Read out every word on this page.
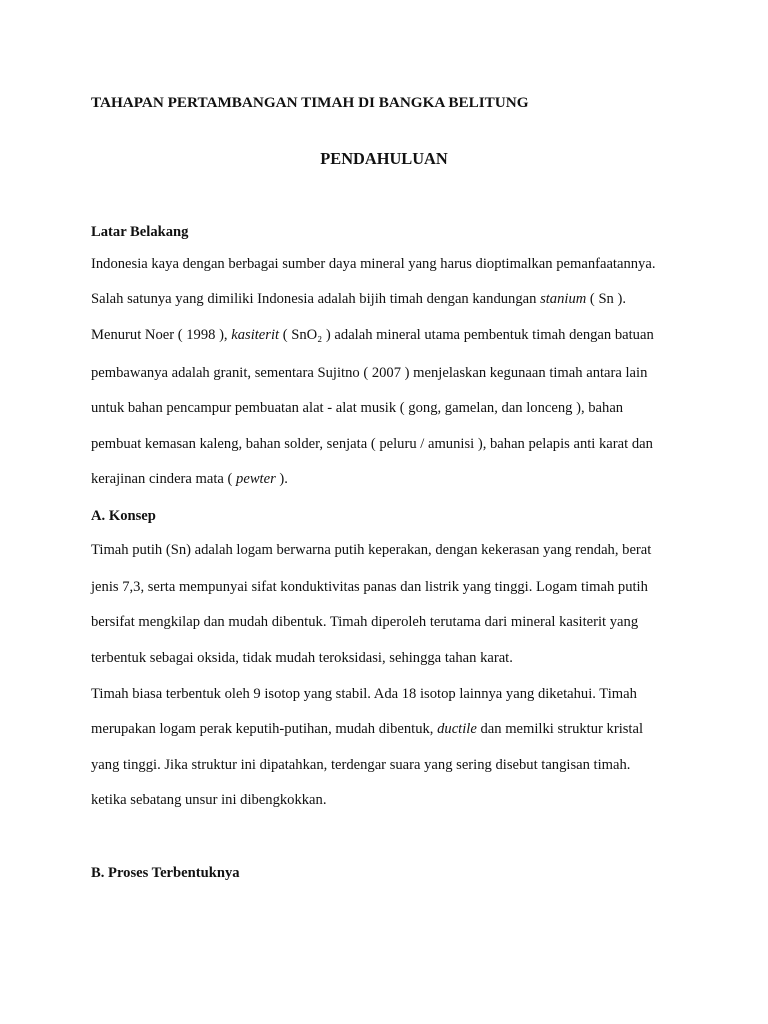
TAHAPAN PERTAMBANGAN TIMAH DI BANGKA BELITUNG

PENDAHULUAN

Latar Belakang

Indonesia kaya dengan berbagai sumber daya mineral yang harus dioptimalkan pemanfaatannya.

Salah satunya yang dimiliki Indonesia adalah bijih timah dengan kandungan stanium ( Sn ).

Menurut Noer ( 1998 ), kasiterit ( SnO₂ ) adalah mineral utama pembentuk timah dengan batuan

pembawanya adalah granit, sementara Sujitno ( 2007 ) menjelaskan kegunaan timah antara lain

untuk bahan pencampur pembuatan alat - alat musik ( gong, gamelan, dan lonceng ), bahan

pembuat kemasan kaleng, bahan solder, senjata ( peluru / amunisi ), bahan pelapis anti karat dan

kerajinan cindera mata ( pewter ).

A. Konsep

Timah putih (Sn) adalah logam berwarna putih keperakan, dengan kekerasan yang rendah, berat

jenis 7,3, serta mempunyai sifat konduktivitas panas dan listrik yang tinggi. Logam timah putih

bersifat mengkilap dan mudah dibentuk. Timah diperoleh terutama dari mineral kasiterit yang

terbentuk sebagai oksida, tidak mudah teroksidasi, sehingga tahan karat.

Timah biasa terbentuk oleh 9 isotop yang stabil. Ada 18 isotop lainnya yang diketahui. Timah

merupakan logam perak keputih-putihan, mudah dibentuk, ductile dan memilki struktur kristal

yang tinggi. Jika struktur ini dipatahkan, terdengar suara yang sering disebut tangisan timah.

ketika sebatang unsur ini dibengkokkan.

B. Proses Terbentuknya
